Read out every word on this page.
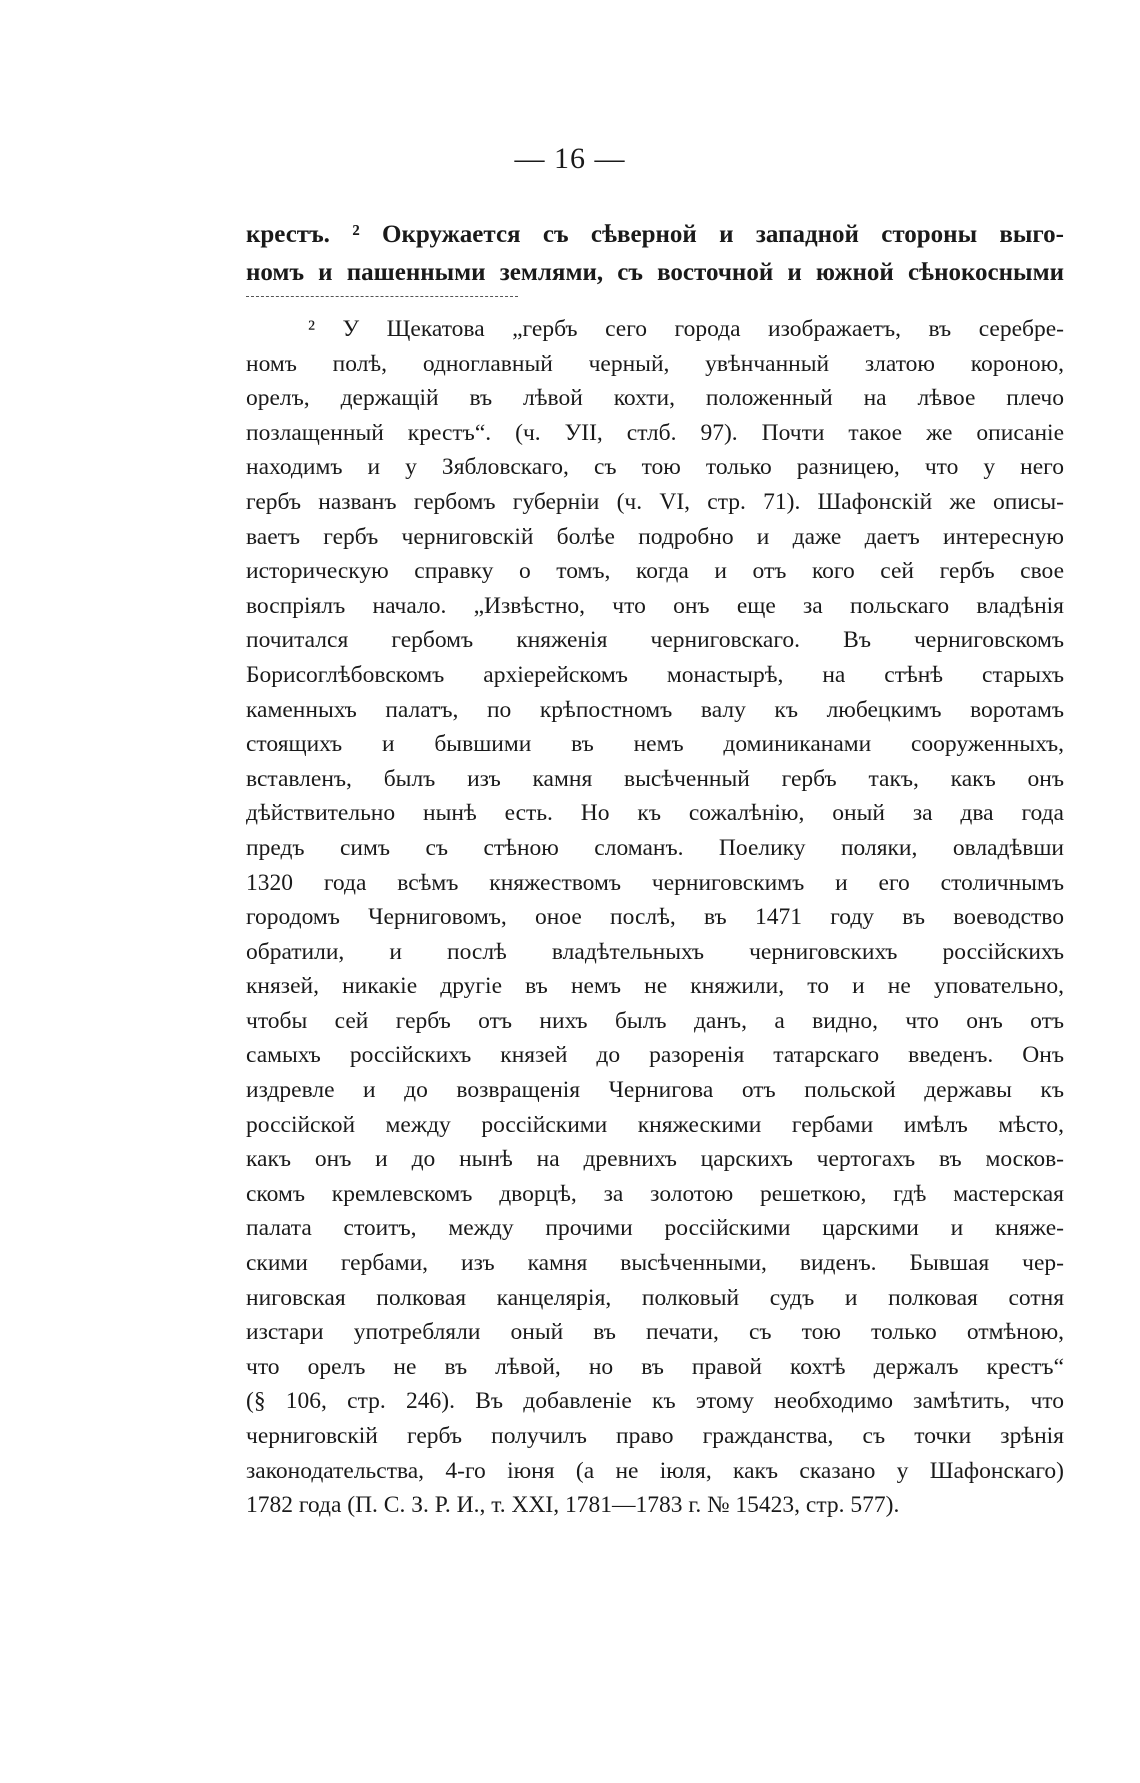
— 16 —
крестъ. ² Окружается съ сѣверной и западной стороны выго-
номъ и пашенными землями, съ восточной и южной сѣнокосными
² У Щекатова „гербъ сего города изображаетъ, въ серебре-
номъ полѣ, одноглавный черный, увѣнчанный златою короною,
орелъ, держащій въ лѣвой кохти, положенный на лѣвое плечо
позлащенный крестъ“. (ч. УII, стлб. 97). Почти такое же описаніе
находимъ и у Зябловскаго, съ тою только разницею, что у него
гербъ названъ гербомъ губерніи (ч. VI, стр. 71). Шафонскій же описы-
ваетъ гербъ черниговскій болѣе подробно и даже даетъ интересную
историческую справку о томъ, когда и отъ кого сей гербъ свое
воспріялъ начало. „Извѣстно, что онъ еще за польскаго владѣнія
почитался гербомъ княженія черниговскаго. Въ черниговскомъ
Борисоглѣбовскомъ архіерейскомъ монастырѣ, на стѣнѣ старыхъ
каменныхъ палатъ, по крѣпостномъ валу къ любецкимъ воротамъ
стоящихъ и бывшими въ немъ доминиканами сооруженныхъ,
вставленъ, былъ изъ камня высѣченный гербъ такъ, какъ онъ
дѣйствительно нынѣ есть. Но къ сожалѣнію, оный за два года
предъ симъ съ стѣною сломанъ. Поелику поляки, овладѣвши
1320 года всѣмъ княжествомъ черниговскимъ и его столичнымъ
городомъ Черниговомъ, оное послѣ, въ 1471 году въ воеводство
обратили, и послѣ владѣтельныхъ черниговскихъ россійскихъ
князей, никакіе другіе въ немъ не княжили, то и не уповательно,
чтобы сей гербъ отъ нихъ былъ данъ, а видно, что онъ отъ
самыхъ россійскихъ князей до разоренія татарскаго введенъ. Онъ
издревле и до возвращенія Чернигова отъ польской державы къ
россійской между россійскими княжескими гербами имѣлъ мѣсто,
какъ онъ и до нынѣ на древнихъ царскихъ чертогахъ въ москов-
скомъ кремлевскомъ дворцѣ, за золотою решеткою, гдѣ мастерская
палата стоитъ, между прочими россійскими царскими и княже-
скими гербами, изъ камня высѣченными, виденъ. Бывшая чер-
ниговская полковая канцелярія, полковый судъ и полковая сотня
изстари употребляли оный въ печати, съ тою только отмѣною,
что орелъ не въ лѣвой, но въ правой кохтѣ держалъ крестъ“
(§ 106, стр. 246). Въ добавленіе къ этому необходимо замѣтить, что
черниговскій гербъ получилъ право гражданства, съ точки зрѣнія
законодательства, 4-го іюня (а не іюля, какъ сказано у Шафонскаго)
1782 года (П. С. З. Р. И., т. XXI, 1781—1783 г. № 15423, стр. 577).
